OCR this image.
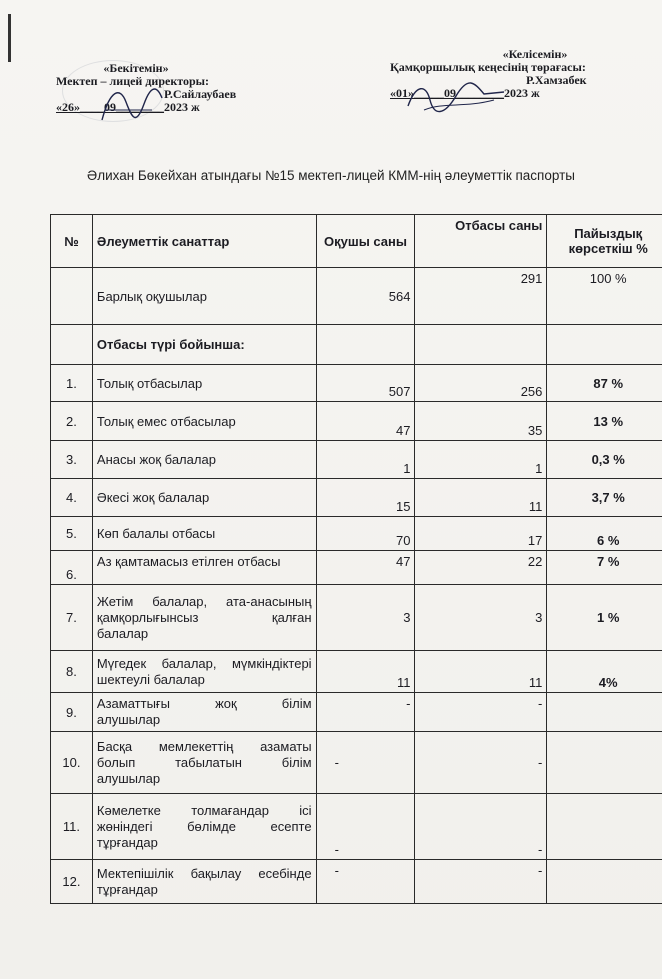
«Бекітемін»
Мектеп – лицей директоры:
Р.Сайлаубаев
«26»____09________2023 ж
«Келісемін»
Қамқоршылық кеңесінің төрағасы:
Р.Хамзабек
«01»_____09________2023 ж
Әлихан Бөкейхан атындағы №15 мектеп-лицей КММ-нің әлеуметтік паспорты
№	Әлеуметтік санаттар	Оқушы саны	Отбасы саны	Пайыздық көрсеткіш %
	Барлық оқушылар	564	291	100 %
	Отбасы түрі бойынша:			
1.	Толық отбасылар	507	256	87 %
2.	Толық емес отбасылар	47	35	13 %
3.	Анасы жоқ балалар	1	1	0,3 %
4.	Әкесі жоқ балалар	15	11	3,7 %
5.	Көп балалы отбасы	70	17	6 %
6.	Аз қамтамасыз етілген отбасы	47	22	7 %
7.	Жетім балалар, ата-анасының
қамқорлығынсыз қалған
балалар	3	3	1 %
8.	Мүгедек балалар, мүмкіндіктері
шектеулі балалар	11	11	4%
9.	Азаматтығы жоқ білім
алушылар	-	-	
10.	Басқа мемлекеттің азаматы
болып табылатын білім
алушылар	-	-	
11.	Кәмелетке толмағандар ісі
жөніндегі бөлімде есепте
тұрғандар	-	-	
12.	Мектепішілік бақылау есебінде
тұрғандар	-	-	
